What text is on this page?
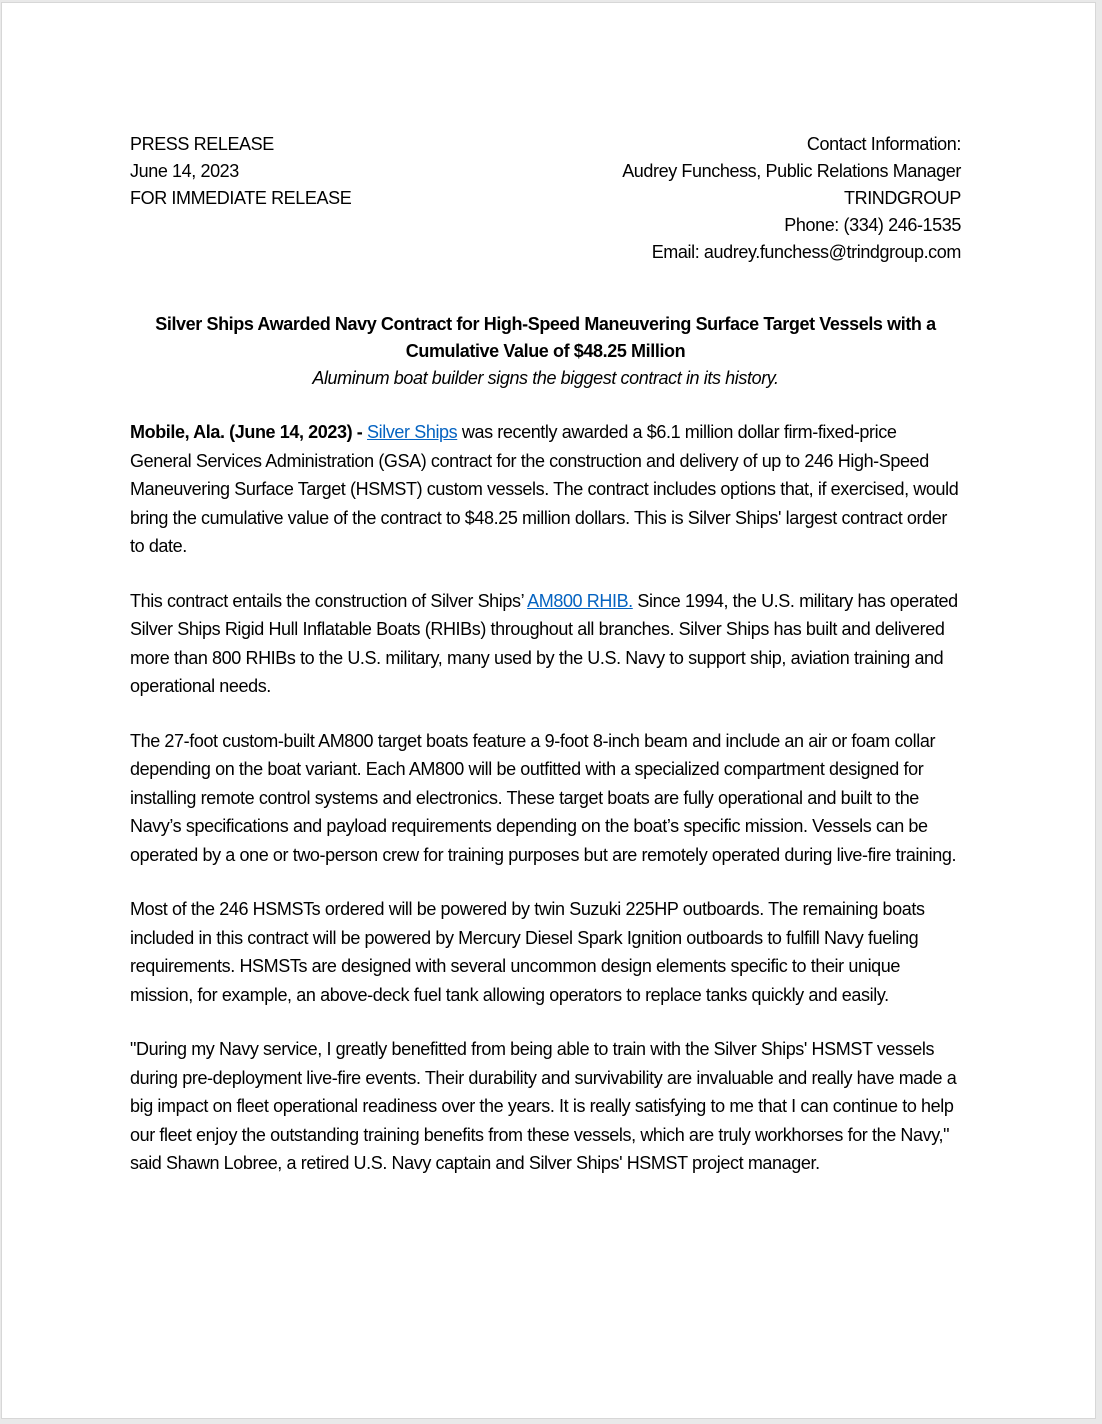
PRESS RELEASE
June 14, 2023
FOR IMMEDIATE RELEASE
Contact Information:
Audrey Funchess, Public Relations Manager
TRINDGROUP
Phone: (334) 246-1535
Email: audrey.funchess@trindgroup.com
Silver Ships Awarded Navy Contract for High-Speed Maneuvering Surface Target Vessels with a Cumulative Value of $48.25 Million
Aluminum boat builder signs the biggest contract in its history.

Mobile, Ala. (June 14, 2023) - Silver Ships was recently awarded a $6.1 million dollar firm-fixed-price General Services Administration (GSA) contract for the construction and delivery of up to 246 High-Speed Maneuvering Surface Target (HSMST) custom vessels. The contract includes options that, if exercised, would bring the cumulative value of the contract to $48.25 million dollars. This is Silver Ships' largest contract order to date.

This contract entails the construction of Silver Ships’ AM800 RHIB. Since 1994, the U.S. military has operated Silver Ships Rigid Hull Inflatable Boats (RHIBs) throughout all branches. Silver Ships has built and delivered more than 800 RHIBs to the U.S. military, many used by the U.S. Navy to support ship, aviation training and operational needs.

The 27-foot custom-built AM800 target boats feature a 9-foot 8-inch beam and include an air or foam collar depending on the boat variant. Each AM800 will be outfitted with a specialized compartment designed for installing remote control systems and electronics. These target boats are fully operational and built to the Navy’s specifications and payload requirements depending on the boat’s specific mission. Vessels can be operated by a one or two-person crew for training purposes but are remotely operated during live-fire training.

Most of the 246 HSMSTs ordered will be powered by twin Suzuki 225HP outboards. The remaining boats included in this contract will be powered by Mercury Diesel Spark Ignition outboards to fulfill Navy fueling requirements. HSMSTs are designed with several uncommon design elements specific to their unique mission, for example, an above-deck fuel tank allowing operators to replace tanks quickly and easily.

"During my Navy service, I greatly benefitted from being able to train with the Silver Ships' HSMST vessels during pre-deployment live-fire events. Their durability and survivability are invaluable and really have made a big impact on fleet operational readiness over the years. It is really satisfying to me that I can continue to help our fleet enjoy the outstanding training benefits from these vessels, which are truly workhorses for the Navy," said Shawn Lobree, a retired U.S. Navy captain and Silver Ships' HSMST project manager.
